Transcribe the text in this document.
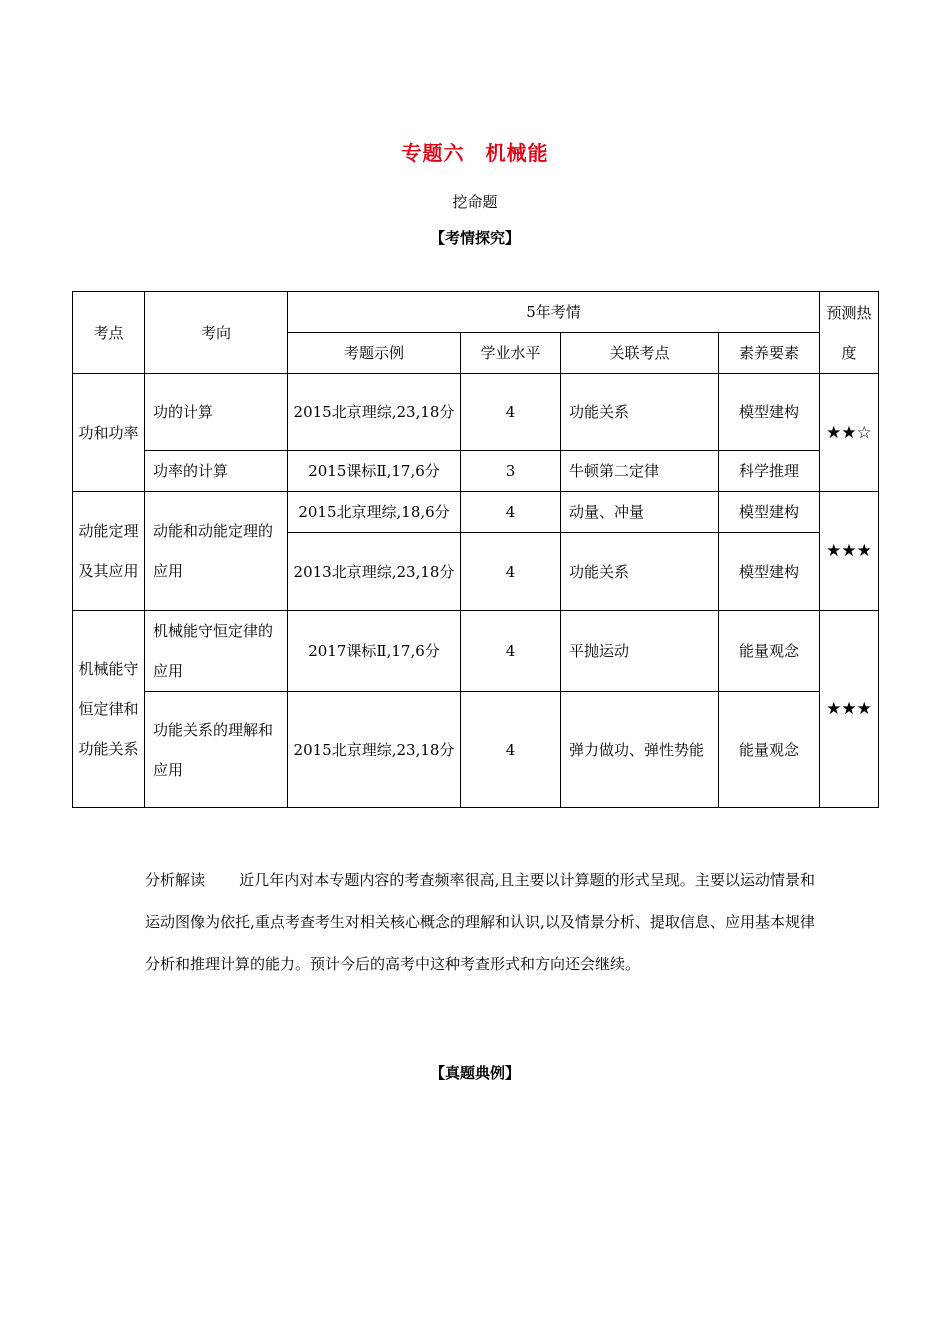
专题六　机械能
挖命题
【考情探究】
考点	考向	5年考情				预测热度
		考题示例	学业水平	关联考点	素养要素	
功和功率	功的计算	2015北京理综,23,18分	4	功能关系	模型建构	★★☆
	功率的计算	2015课标Ⅱ,17,6分	3	牛顿第二定律	科学推理	
动能定理及其应用	动能和动能定理的应用	2015北京理综,18,6分	4	动量、冲量	模型建构	★★★
		2013北京理综,23,18分	4	功能关系	模型建构	
机械能守恒定律和功能关系	机械能守恒定律的应用	2017课标Ⅱ,17,6分	4	平抛运动	能量观念	★★★
	功能关系的理解和应用	2015北京理综,23,18分	4	弹力做功、弹性势能	能量观念	
分析解读 近几年内对本专题内容的考查频率很高,且主要以计算题的形式呈现。主要以运动情景和运动图像为依托,重点考查考生对相关核心概念的理解和认识,以及情景分析、提取信息、应用基本规律分析和推理计算的能力。预计今后的高考中这种考查形式和方向还会继续。
【真题典例】
